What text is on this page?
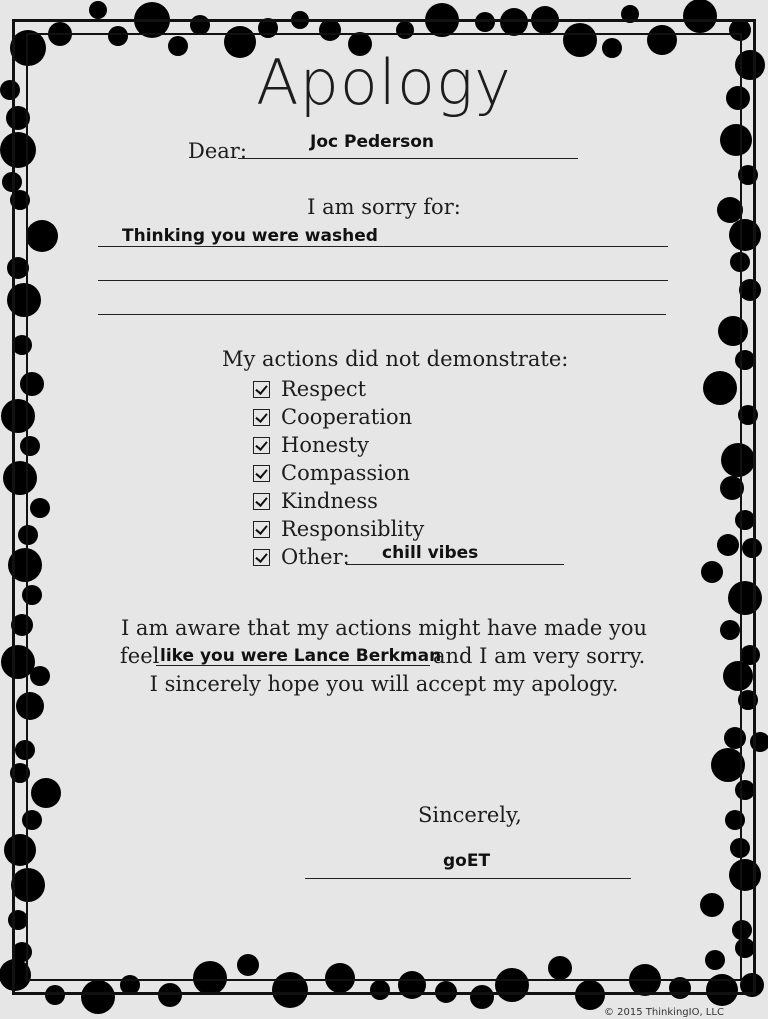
Apology
Dear:	Joc Pederson
I am sorry for:
Thinking you were washed
My actions did not demonstrate:
Respect
Cooperation
Honesty
Compassion
Kindness
Responsiblity
Other: chill vibes
I am aware that my actions might have made you
feel like you were Lance Berkman
and I am very sorry.
I sincerely hope you will accept my apology.
Sincerely,
goET
© 2015 ThinkingIO, LLC
